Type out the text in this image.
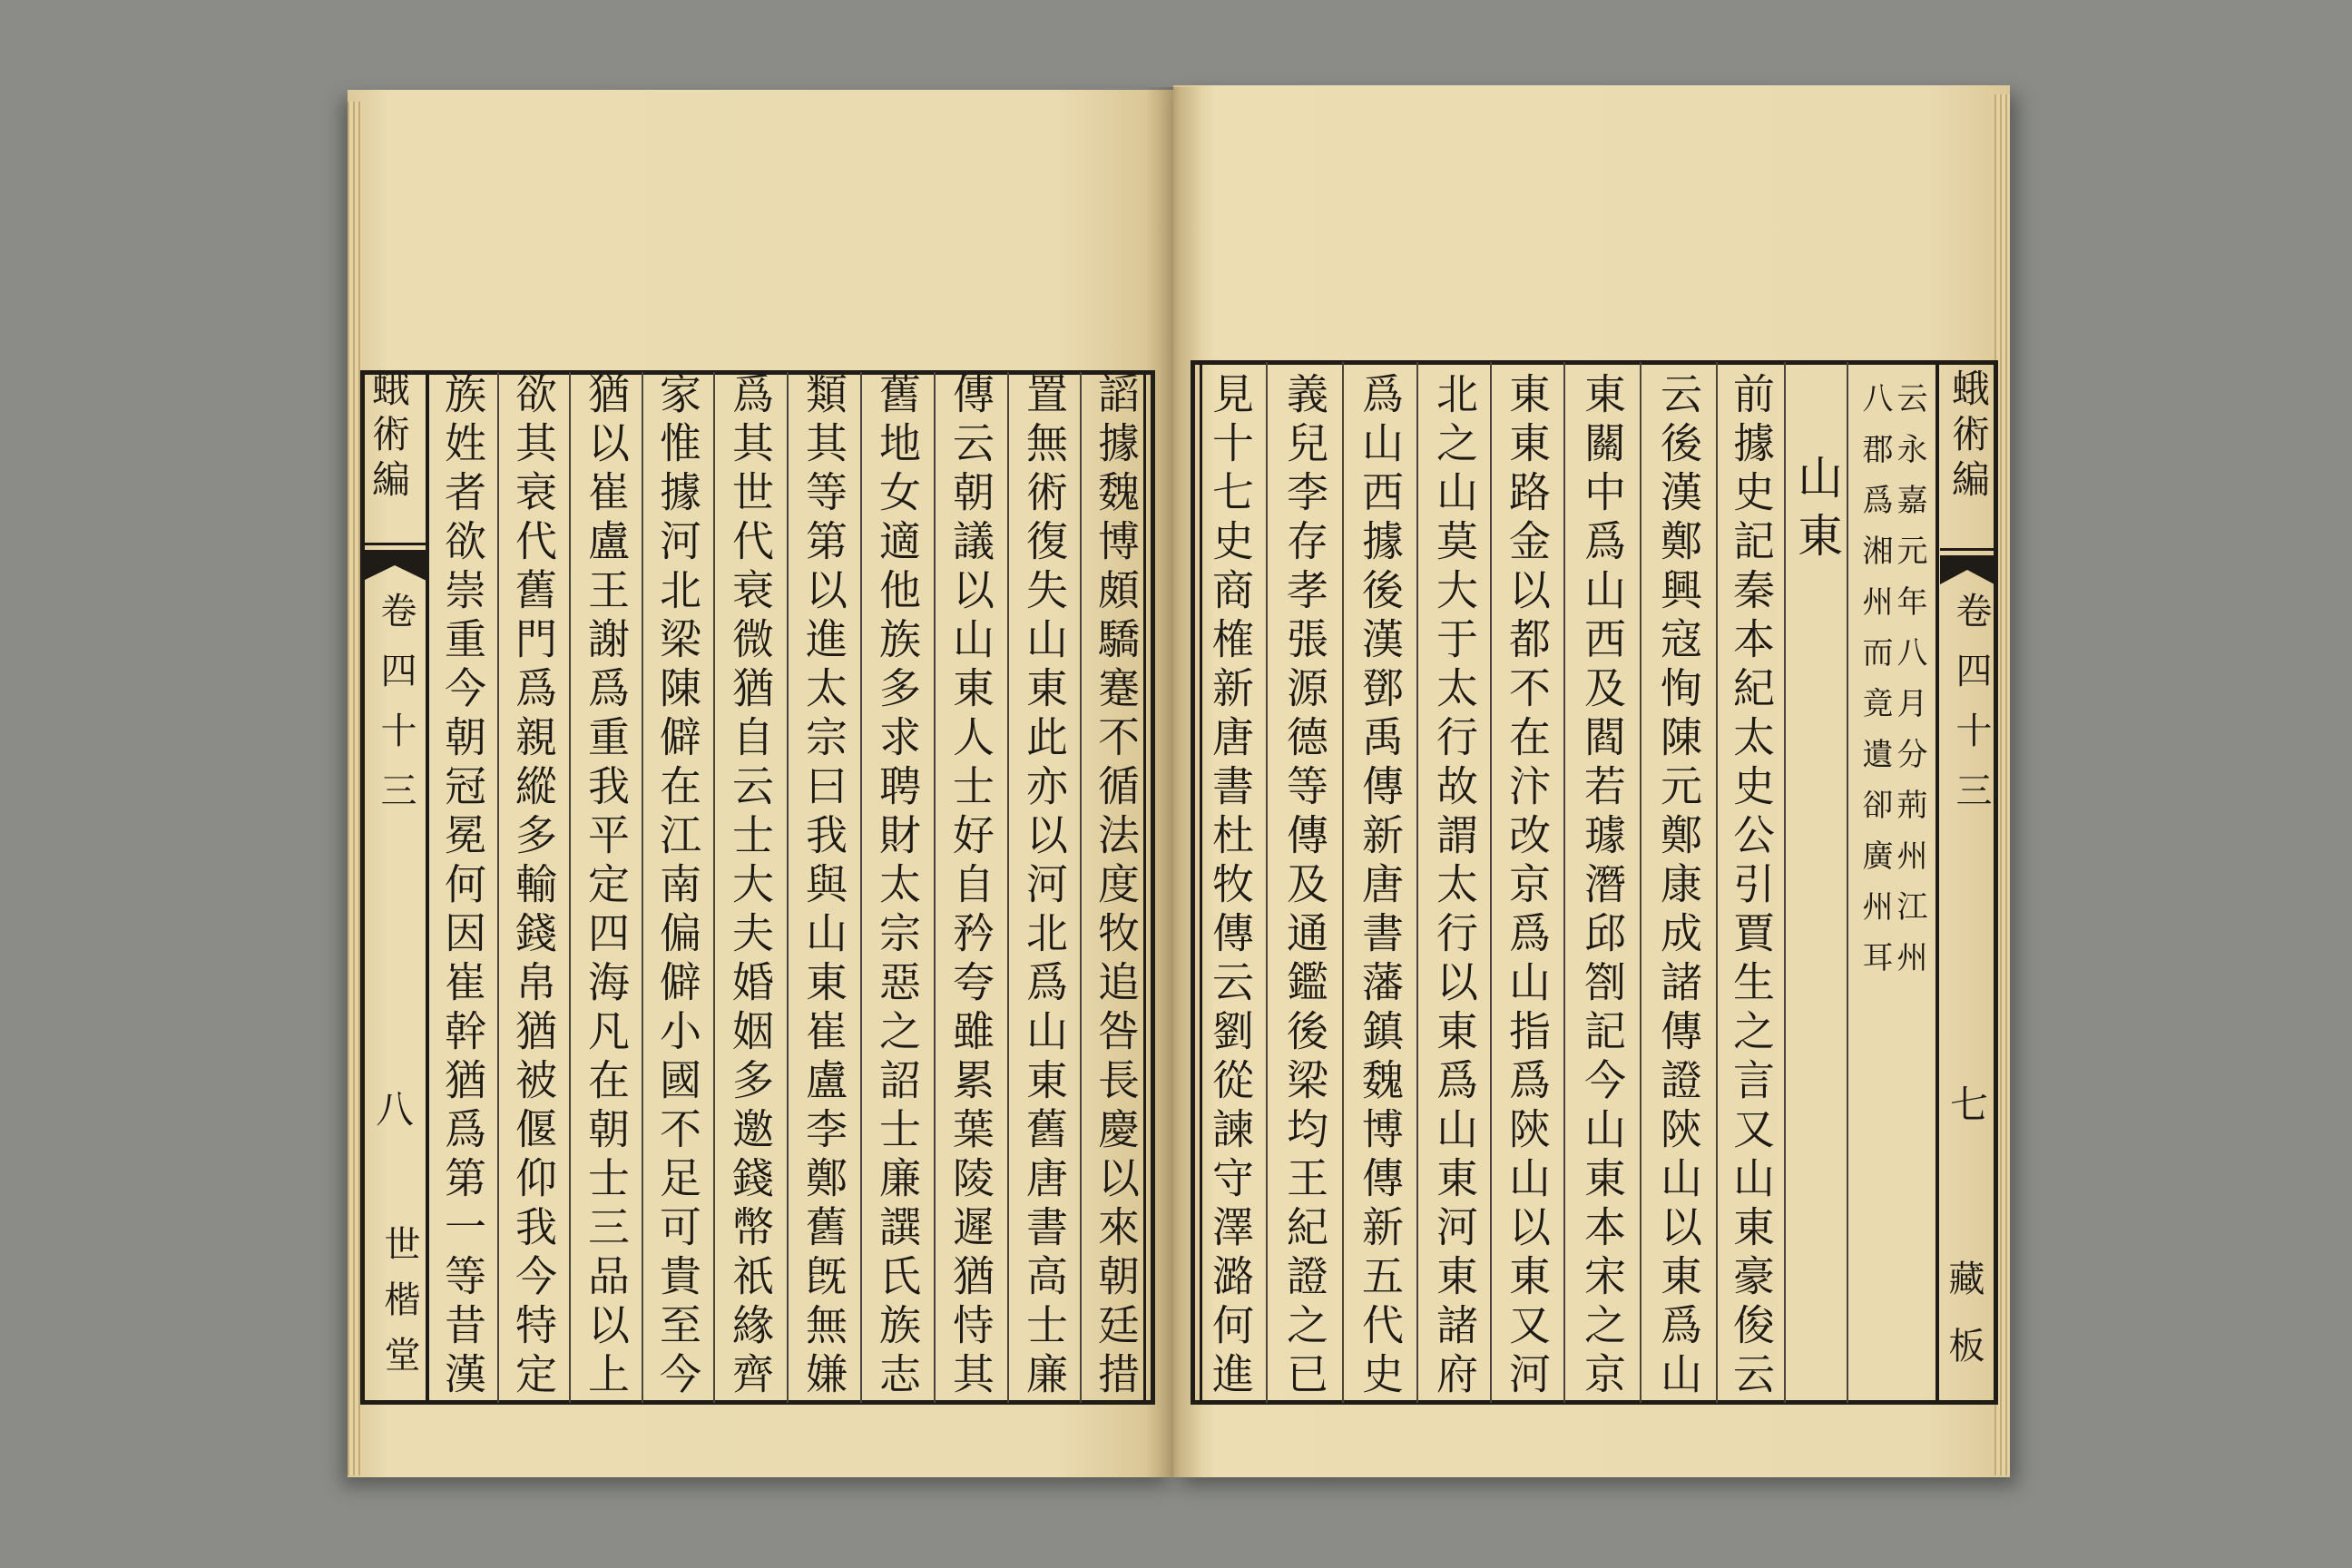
蛾術編
卷四十三
八
世楷堂	謟據魏博頗驕蹇不循法度牧追咎長慶以來朝廷措
置無術復失山東此亦以河北爲山東舊唐書高士廉
傳云朝議以山東人士好自矜夸雖累葉陵遲猶恃其
舊地女適他族多求聘財太宗惡之詔士廉譔氏族志
類其等第以進太宗曰我與山東崔盧李鄭舊旣無嫌
爲其世代衰微猶自云士大夫婚姻多邀錢幣祇緣齊
家惟據河北梁陳僻在江南偏僻小國不足可貴至今
猶以崔盧王謝爲重我平定四海凡在朝士三品以上
欲其衰代舊門爲親縱多輸錢帛猶被偃仰我今特定
族姓者欲崇重今朝冠冕何因崔幹猶爲第一等昔漢	云永嘉元年八月分荊州江州
八郡爲湘州而竟遺卻廣州耳
山東
前據史記秦本紀太史公引賈生之言又山東豪俊云
云後漢鄭興寇恂陳元鄭康成諸傳證陝山以東爲山
東關中爲山西及閻若璩潛邱劄記今山東本宋之京
東東路金以都不在汴改京爲山指爲陝山以東又河
北之山莫大于太行故謂太行以東爲山東河東諸府
爲山西據後漢鄧禹傳新唐書藩鎮魏博傳新五代史
義兒李存孝張源德等傳及通鑑後梁均王紀證之已
見十七史商榷新唐書杜牧傳云劉從諫守澤潞何進	蛾術編
卷四十三
七
藏板
